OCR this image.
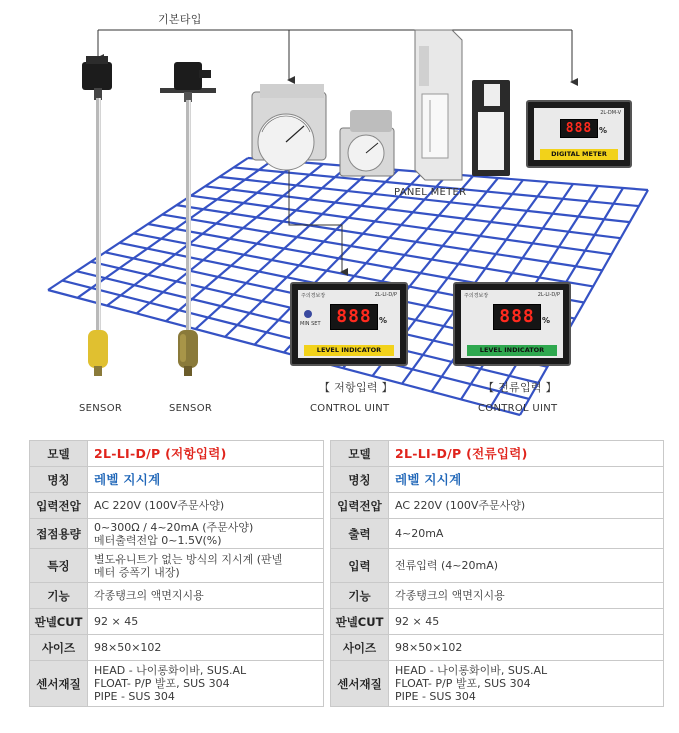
기본타입
PANEL METER
SENSOR	SENSOR
【 저항입력 】
CONTROL UINT
【 전류입력 】
CONTROL UINT
2L-DM-V
888 %
DIGITAL METER
주의경보장	2L-LI-D/P
MIN SET 888 %
LEVEL INDICATOR
주의경보장	2L-LI-D/P
888 %
LEVEL INDICATOR
모델	2L-LI-D/P (저항입력)

명칭	레벨 지시계

입력전압	AC 220V (100V주문사양)

접점용량	0~300Ω / 4~20mA (주문사양)
메터출력전압 0~1.5V(%)

특징	별도유니트가 없는 방식의 지시계 (판넬
메터 증폭기 내장)

기능	각종탱크의 액면지시용

판넬CUT	92 × 45

사이즈	98×50×102

센서재질	HEAD - 나이롱화이바, SUS.AL
FLOAT- P/P 발포, SUS 304
PIPE - SUS 304
모델	2L-LI-D/P (전류입력)

명칭	레벨 지시계

입력전압	AC 220V (100V주문사양)

출력	4~20mA

입력	전류입력 (4~20mA)

기능	각종탱크의 액면지시용

판넬CUT	92 × 45

사이즈	98×50×102

센서재질	HEAD - 나이롱화이바, SUS.AL
FLOAT- P/P 발포, SUS 304
PIPE - SUS 304
